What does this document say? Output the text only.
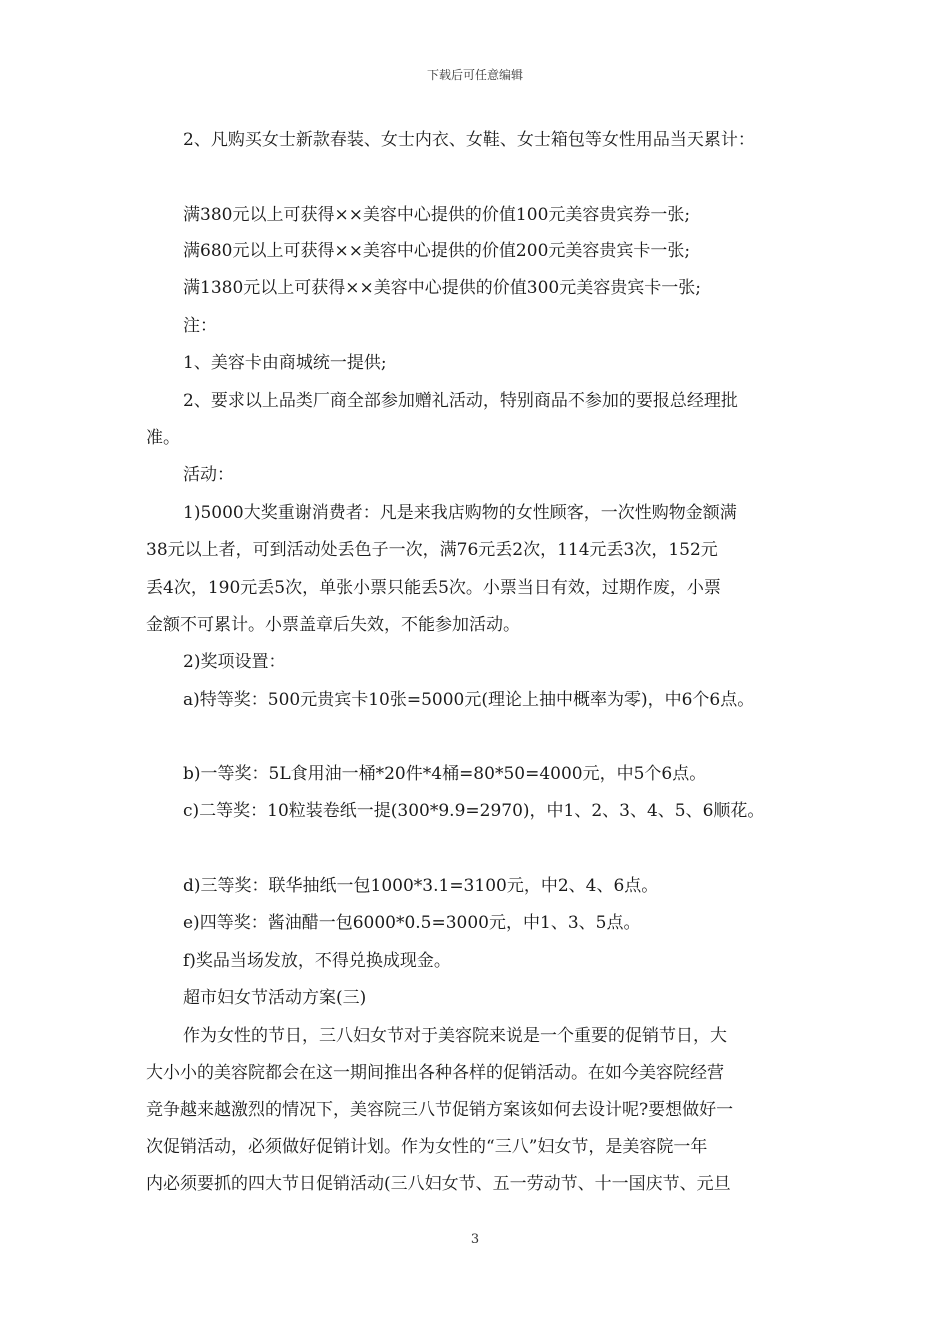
下载后可任意编辑
2、凡购买女士新款春装、女士内衣、女鞋、女士箱包等女性用品当天累计：
满380元以上可获得××美容中心提供的价值100元美容贵宾券一张;
满680元以上可获得××美容中心提供的价值200元美容贵宾卡一张;
满1380元以上可获得××美容中心提供的价值300元美容贵宾卡一张;
注：
1、美容卡由商城统一提供;
2、要求以上品类厂商全部参加赠礼活动，特别商品不参加的要报总经理批
准。
活动：
1)5000大奖重谢消费者：凡是来我店购物的女性顾客，一次性购物金额满
38元以上者，可到活动处丢色子一次，满76元丢2次，114元丢3次，152元
丢4次，190元丢5次，单张小票只能丢5次。小票当日有效，过期作废，小票
金额不可累计。小票盖章后失效，不能参加活动。
2)奖项设置：
a)特等奖：500元贵宾卡10张=5000元(理论上抽中概率为零)，中6个6点。
b)一等奖：5L食用油一桶*20件*4桶=80*50=4000元，中5个6点。
c)二等奖：10粒装卷纸一提(300*9.9=2970)，中1、2、3、4、5、6顺花。
d)三等奖：联华抽纸一包1000*3.1=3100元，中2、4、6点。
e)四等奖：酱油醋一包6000*0.5=3000元，中1、3、5点。
f)奖品当场发放，不得兑换成现金。
超市妇女节活动方案(三)
作为女性的节日，三八妇女节对于美容院来说是一个重要的促销节日，大
大小小的美容院都会在这一期间推出各种各样的促销活动。在如今美容院经营
竞争越来越激烈的情况下，美容院三八节促销方案该如何去设计呢?要想做好一
次促销活动，必须做好促销计划。作为女性的“三八”妇女节，是美容院一年
内必须要抓的四大节日促销活动(三八妇女节、五一劳动节、十一国庆节、元旦
3
